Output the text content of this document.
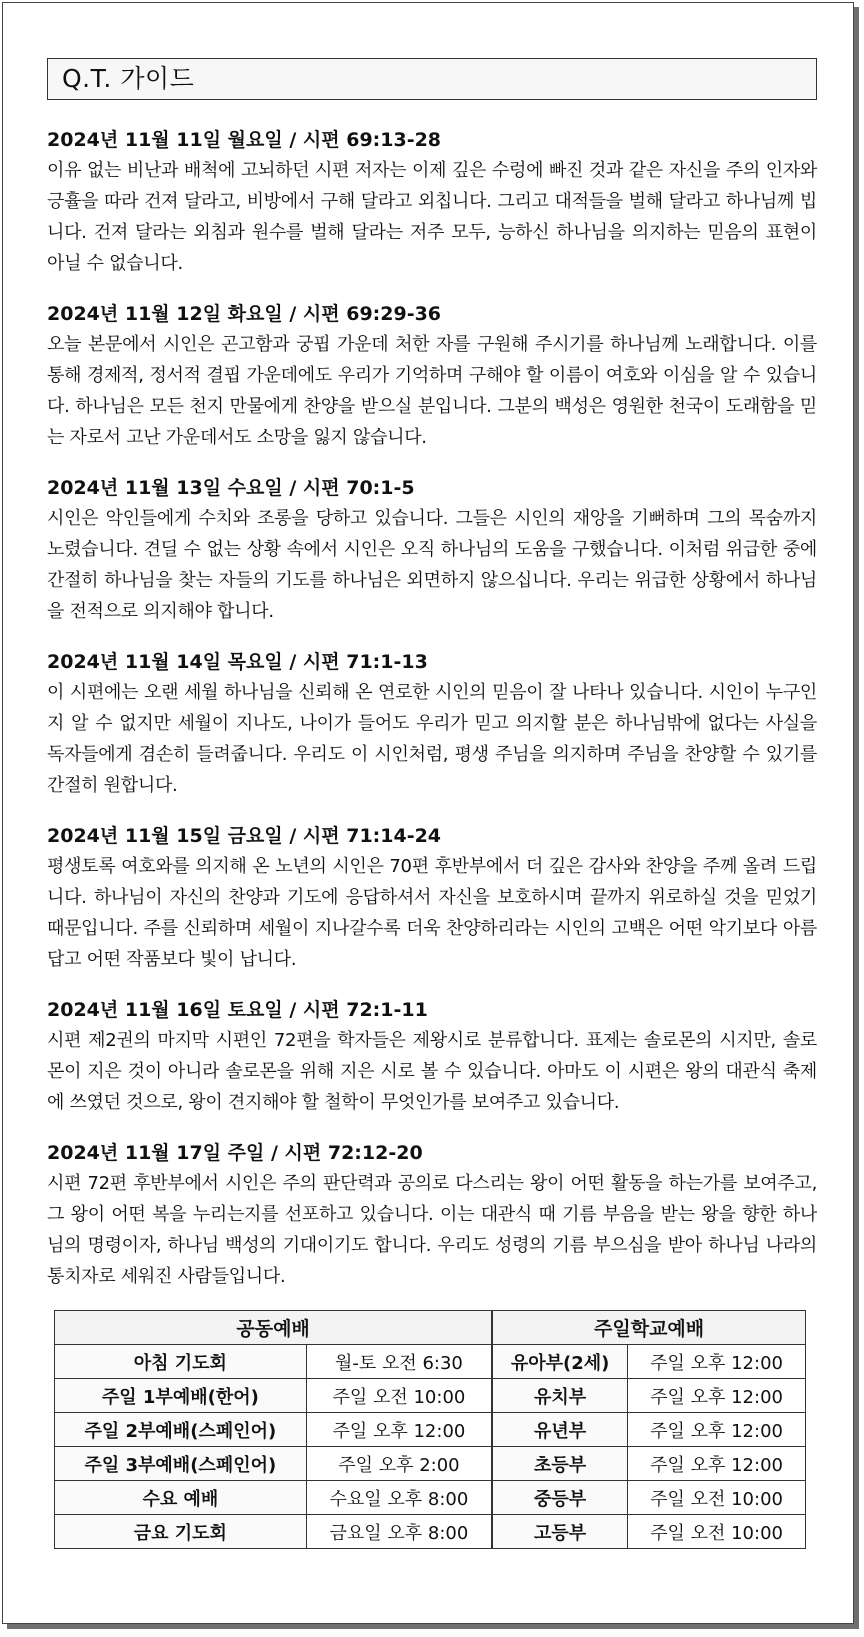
Q.T. 가이드

2024년 11월 11일 월요일 / 시편 69:13-28

이유 없는 비난과 배척에 고뇌하던 시편 저자는 이제 깊은 수렁에 빠진 것과 같은 자신을 주의 인자와 긍휼을 따라 건져 달라고, 비방에서 구해 달라고 외칩니다. 그리고 대적들을 벌해 달라고 하나님께 빕니다. 건져 달라는 외침과 원수를 벌해 달라는 저주 모두, 능하신 하나님을 의지하는 믿음의 표현이 아닐 수 없습니다.

2024년 11월 12일 화요일 / 시편 69:29-36

오늘 본문에서 시인은 곤고함과 궁핍 가운데 처한 자를 구원해 주시기를 하나님께 노래합니다. 이를 통해 경제적, 정서적 결핍 가운데에도 우리가 기억하며 구해야 할 이름이 여호와 이심을 알 수 있습니다. 하나님은 모든 천지 만물에게 찬양을 받으실 분입니다. 그분의 백성은 영원한 천국이 도래함을 믿는 자로서 고난 가운데서도 소망을 잃지 않습니다.

2024년 11월 13일 수요일 / 시편 70:1-5

시인은 악인들에게 수치와 조롱을 당하고 있습니다. 그들은 시인의 재앙을 기뻐하며 그의 목숨까지 노렸습니다. 견딜 수 없는 상황 속에서 시인은 오직 하나님의 도움을 구했습니다. 이처럼 위급한 중에 간절히 하나님을 찾는 자들의 기도를 하나님은 외면하지 않으십니다. 우리는 위급한 상황에서 하나님을 전적으로 의지해야 합니다.

2024년 11월 14일 목요일 / 시편 71:1-13

이 시편에는 오랜 세월 하나님을 신뢰해 온 연로한 시인의 믿음이 잘 나타나 있습니다. 시인이 누구인지 알 수 없지만 세월이 지나도, 나이가 들어도 우리가 믿고 의지할 분은 하나님밖에 없다는 사실을 독자들에게 겸손히 들려줍니다. 우리도 이 시인처럼, 평생 주님을 의지하며 주님을 찬양할 수 있기를 간절히 원합니다.

2024년 11월 15일 금요일 / 시편 71:14-24

평생토록 여호와를 의지해 온 노년의 시인은 70편 후반부에서 더 깊은 감사와 찬양을 주께 올려 드립니다. 하나님이 자신의 찬양과 기도에 응답하셔서 자신을 보호하시며 끝까지 위로하실 것을 믿었기 때문입니다. 주를 신뢰하며 세월이 지나갈수록 더욱 찬양하리라는 시인의 고백은 어떤 악기보다 아름답고 어떤 작품보다 빛이 납니다.

2024년 11월 16일 토요일 / 시편 72:1-11

시편 제2권의 마지막 시편인 72편을 학자들은 제왕시로 분류합니다. 표제는 솔로몬의 시지만, 솔로몬이 지은 것이 아니라 솔로몬을 위해 지은 시로 볼 수 있습니다. 아마도 이 시편은 왕의 대관식 축제에 쓰였던 것으로, 왕이 견지해야 할 철학이 무엇인가를 보여주고 있습니다.

2024년 11월 17일 주일 / 시편 72:12-20

시편 72편 후반부에서 시인은 주의 판단력과 공의로 다스리는 왕이 어떤 활동을 하는가를 보여주고, 그 왕이 어떤 복을 누리는지를 선포하고 있습니다. 이는 대관식 때 기름 부음을 받는 왕을 향한 하나님의 명령이자, 하나님 백성의 기대이기도 합니다. 우리도 성령의 기름 부으심을 받아 하나님 나라의 통치자로 세워진 사람들입니다.

공동예배		주일학교예배	
아침 기도회	월-토 오전 6:30	유아부(2세)	주일 오후 12:00
주일 1부예배(한어)	주일 오전 10:00	유치부	주일 오후 12:00
주일 2부예배(스페인어)	주일 오후 12:00	유년부	주일 오후 12:00
주일 3부예배(스페인어)	주일 오후 2:00	초등부	주일 오후 12:00
수요 예배	수요일 오후 8:00	중등부	주일 오전 10:00
금요 기도회	금요일 오후 8:00	고등부	주일 오전 10:00
